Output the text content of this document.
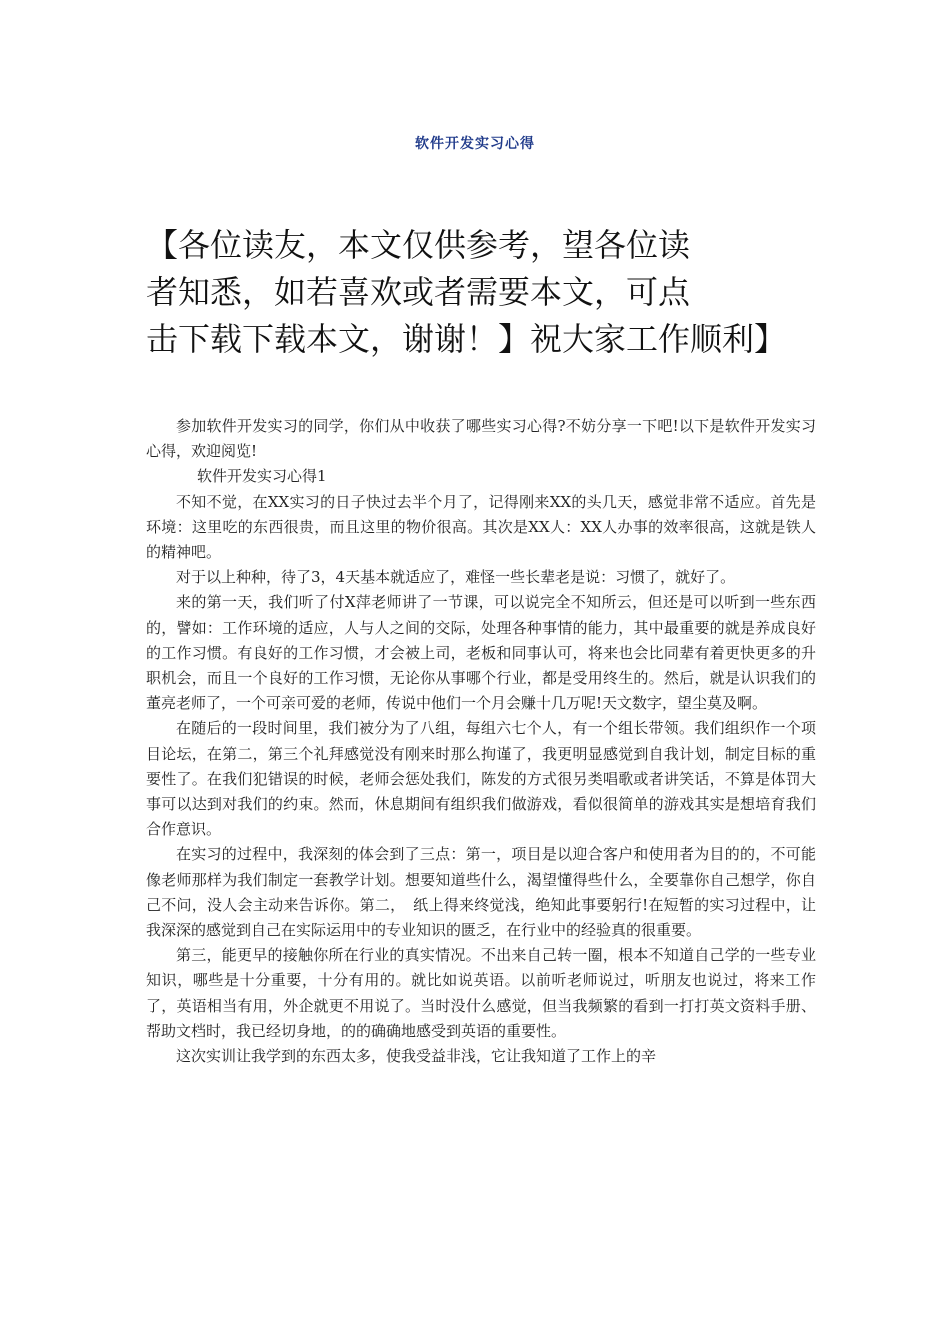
软件开发实习心得
【各位读友，本文仅供参考，望各位读
者知悉，如若喜欢或者需要本文，可点
击下载下载本文，谢谢！】祝大家工作顺利】

参加软件开发实习的同学，你们从中收获了哪些实习心得?不妨分享一下吧!以下是软件开发实习心得，欢迎阅览!

软件开发实习心得1

不知不觉，在XX实习的日子快过去半个月了，记得刚来XX的头几天，感觉非常不适应。首先是环境：这里吃的东西很贵，而且这里的物价很高。其次是XX人：XX人办事的效率很高，这就是铁人的精神吧。

对于以上种种，待了3，4天基本就适应了，难怪一些长辈老是说：习惯了，就好了。

来的第一天，我们听了付X萍老师讲了一节课，可以说完全不知所云，但还是可以听到一些东西的，譬如：工作环境的适应，人与人之间的交际，处理各种事情的能力，其中最重要的就是养成良好的工作习惯。有良好的工作习惯，才会被上司，老板和同事认可，将来也会比同辈有着更快更多的升职机会，而且一个良好的工作习惯，无论你从事哪个行业，都是受用终生的。然后，就是认识我们的董亮老师了，一个可亲可爱的老师，传说中他们一个月会赚十几万呢!天文数字，望尘莫及啊。

在随后的一段时间里，我们被分为了八组，每组六七个人，有一个组长带领。我们组织作一个项目论坛，在第二，第三个礼拜感觉没有刚来时那么拘谨了，我更明显感觉到自我计划，制定目标的重要性了。在我们犯错误的时候，老师会惩处我们，陈发的方式很另类唱歌或者讲笑话，不算是体罚大事可以达到对我们的约束。然而，休息期间有组织我们做游戏，看似很简单的游戏其实是想培育我们合作意识。

在实习的过程中，我深刻的体会到了三点：第一，项目是以迎合客户和使用者为目的的，不可能像老师那样为我们制定一套教学计划。想要知道些什么，渴望懂得些什么，全要靠你自己想学，你自己不问，没人会主动来告诉你。第二，　纸上得来终觉浅，绝知此事要躬行!在短暂的实习过程中，让我深深的感觉到自己在实际运用中的专业知识的匮乏，在行业中的经验真的很重要。

第三，能更早的接触你所在行业的真实情况。不出来自己转一圈，根本不知道自己学的一些专业知识，哪些是十分重要，十分有用的。就比如说英语。以前听老师说过，听朋友也说过，将来工作了，英语相当有用，外企就更不用说了。当时没什么感觉，但当我频繁的看到一打打英文资料手册、帮助文档时，我已经切身地，的的确确地感受到英语的重要性。

这次实训让我学到的东西太多，使我受益非浅，它让我知道了工作上的辛
